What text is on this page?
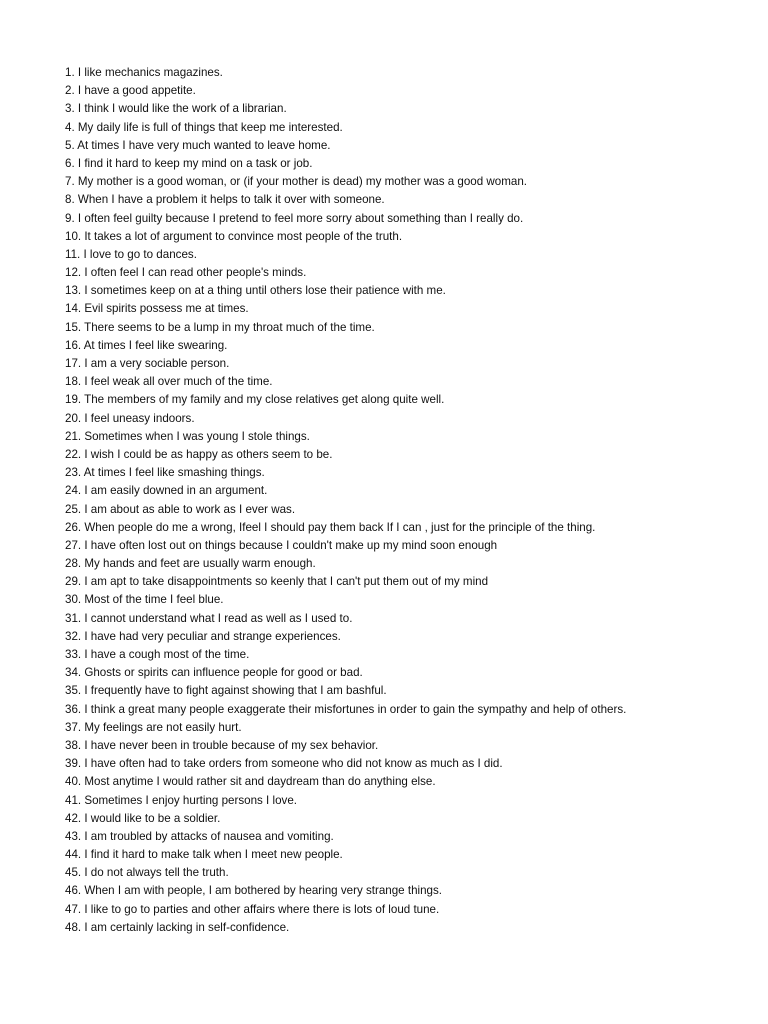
1. I like mechanics magazines.
2. I have a good appetite.
3. I think I would like the work of a librarian.
4. My daily life is full of things that keep me interested.
5. At times I have very much wanted to leave home.
6. I find it hard to keep my mind on a task or job.
7. My mother is a good woman, or (if your mother is dead) my mother was a good woman.
8. When I have a problem it helps to talk it over with someone.
9. I often feel guilty because I pretend to feel more sorry about something than I really do.
10. It takes a lot of argument to convince most people of the truth.
11. I love to go to dances.
12. I often feel I can read other people's minds.
13. I sometimes keep on at a thing until others lose their patience with me.
14. Evil spirits possess me at times.
15. There seems to be a lump in my throat much of the time.
16. At times I feel like swearing.
17. I am a very sociable person.
18. I feel weak all over much of the time.
19. The members of my family and my close relatives get along quite well.
20. I feel uneasy indoors.
21. Sometimes when I was young I stole things.
22. I wish I could be as happy as others seem to be.
23. At times I feel like smashing things.
24. I am easily downed in an argument.
25. I am about as able to work as I ever was.
26. When people do me a wrong, Ifeel I should pay them back If I can , just for the principle of the thing.
27. I have often lost out on things because I couldn't make up my mind soon enough
28. My hands and feet are usually warm enough.
29. I am apt to take disappointments so keenly that I can't put them out of my mind
30. Most of the time I feel blue.
31. I cannot understand what I read as well as I used to.
32. I have had very peculiar and strange experiences.
33. I have a cough most of the time.
34. Ghosts or spirits can influence people for good or bad.
35. I frequently have to fight against showing that I am bashful.
36. I think a great many people exaggerate their misfortunes in order to gain the sympathy and help of others.
37. My feelings are not easily hurt.
38. I have never been in trouble because of my sex behavior.
39. I have often had to take orders from someone who did not know as much as I did.
40. Most anytime I would rather sit and daydream than do anything else.
41. Sometimes I enjoy hurting persons I love.
42. I would like to be a soldier.
43. I am troubled by attacks of nausea and vomiting.
44. I find it hard to make talk when I meet new people.
45. I do not always tell the truth.
46. When I am with people, I am bothered by hearing very strange things.
47. I like to go to parties and other affairs where there is lots of loud tune.
48. I am certainly lacking in self-confidence.
